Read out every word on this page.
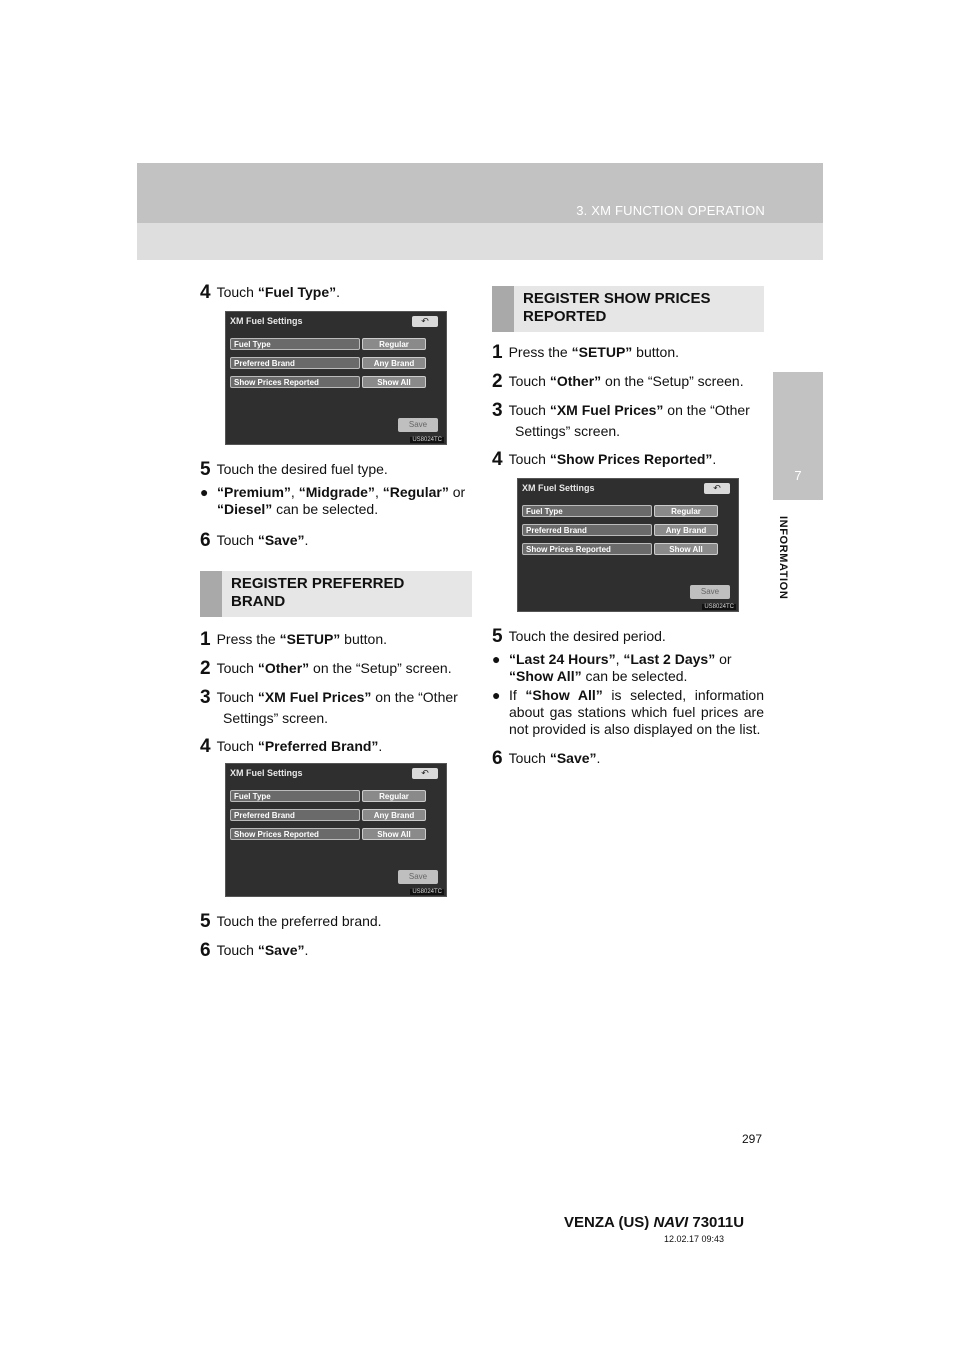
3. XM FUNCTION OPERATION
7
INFORMATION

4 Touch “Fuel Type”.

XM Fuel Settings	↶
Fuel Type	Regular
Preferred Brand	Any Brand
Show Prices Reported	Show All
Save
US8024TC

5 Touch the desired fuel type.

● “Premium”, “Midgrade”, “Regular” or
“Diesel” can be selected.

6 Touch “Save”.

REGISTER PREFERRED BRAND

1 Press the “SETUP” button.

2 Touch “Other” on the “Setup” screen.

3 Touch “XM Fuel Prices” on the “Other

Settings” screen.

4 Touch “Preferred Brand”.

XM Fuel Settings	↶
Fuel Type	Regular
Preferred Brand	Any Brand
Show Prices Reported	Show All
Save
US8024TC

5 Touch the preferred brand.

6 Touch “Save”.

REGISTER SHOW PRICES REPORTED

1 Press the “SETUP” button.

2 Touch “Other” on the “Setup” screen.

3 Touch “XM Fuel Prices” on the “Other

Settings” screen.

4 Touch “Show Prices Reported”.

XM Fuel Settings	↶
Fuel Type	Regular
Preferred Brand	Any Brand
Show Prices Reported	Show All
Save
US8024TC

5 Touch the desired period.

● “Last 24 Hours”, “Last 2 Days” or
“Show All” can be selected.

● If “Show All” is selected, information about gas stations which fuel prices are not provided is also displayed on the list.

6 Touch “Save”.

297
VENZA (US) NAVI 73011U
12.02.17 09:43
